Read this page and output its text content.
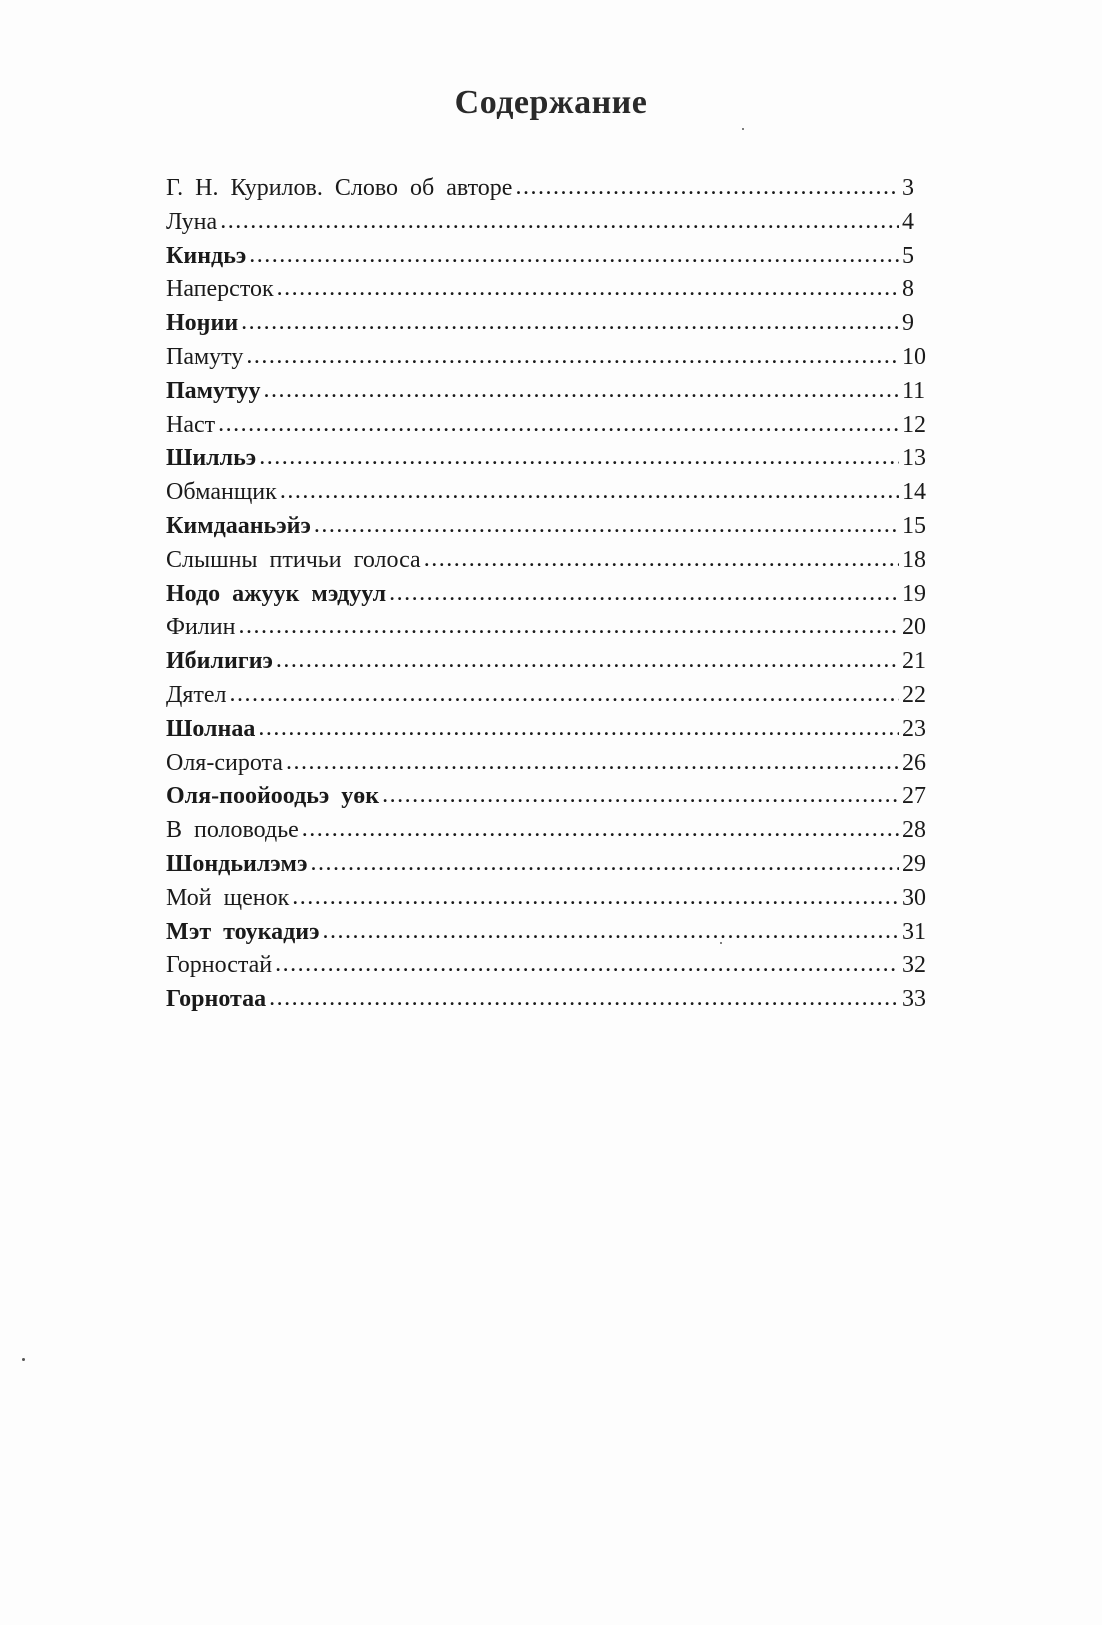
Содержание
Г. Н. Курилов. Слово об авторе .....	3
Луна .....	4
Киндьэ .....	5
Наперсток .....	8
Ноӈии .....	9
Памуту .....	10
Памутуу .....	11
Наст .....	12
Шилльэ .....	13
Обманщик .....	14
Кимдааньэйэ .....	15
Слышны птичьи голоса .....	18
Нодо ажуук мэдуул .....	19
Филин .....	20
Ибилигиэ .....	21
Дятел .....	22
Шолнаа .....	23
Оля-сирота .....	26
Оля-поойоодьэ уөк .....	27
В половодье .....	28
Шондьилэмэ .....	29
Мой щенок .....	30
Мэт тоукадиэ .....	31
Горностай .....	32
Горнотаа .....	33
